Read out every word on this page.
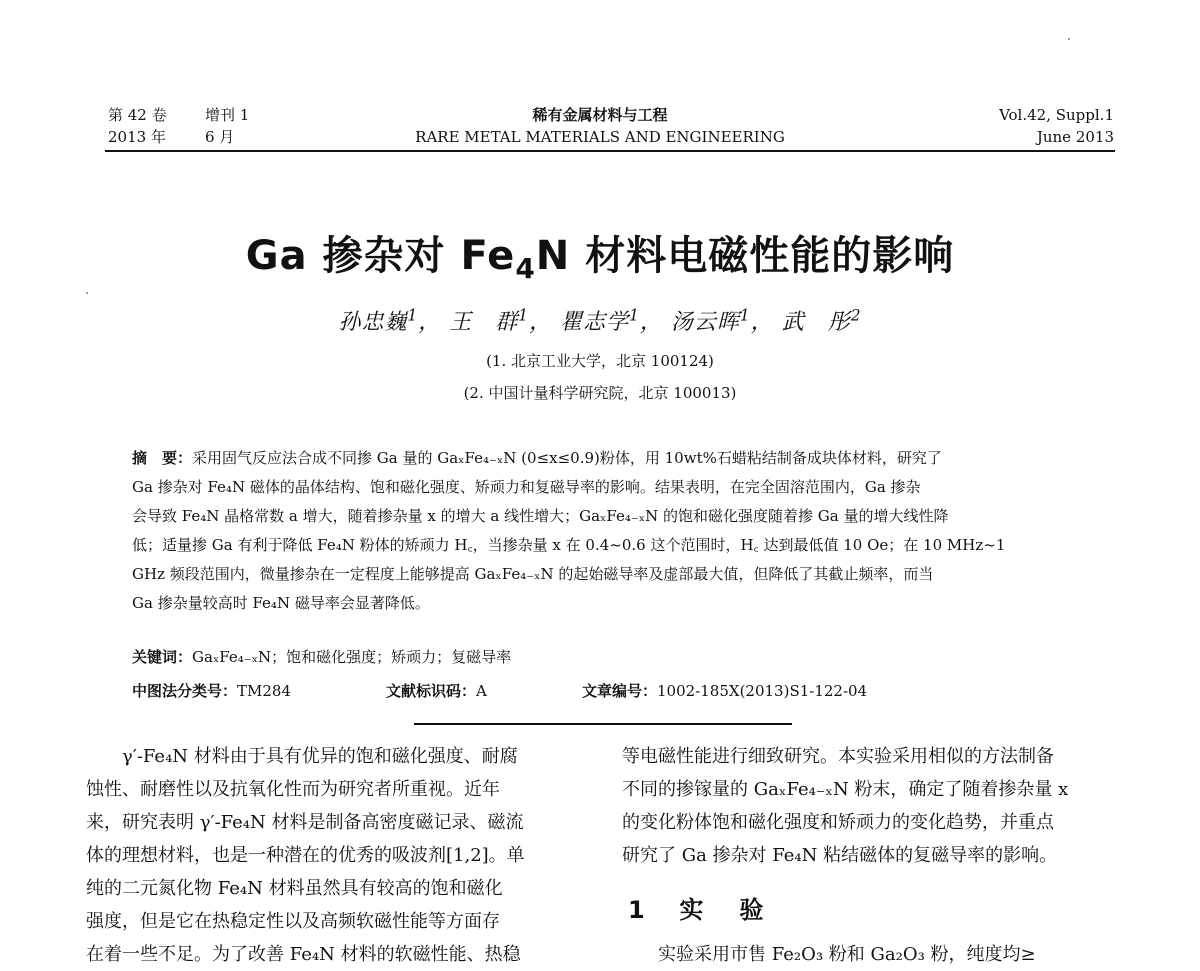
第 42 卷	增刊 1
2013 年	6 月
稀有金属材料与工程
RARE METAL MATERIALS AND ENGINEERING
Vol.42, Suppl.1
June 2013
Ga 掺杂对 $Fe_4N$ 材料电磁性能的影响
孙忠巍$^1$， 王　群$^1$， 瞿志学$^1$， 汤云晖$^1$， 武　彤$^2$
(1. 北京工业大学，北京 100124)
(2. 中国计量科学研究院，北京 100013)
摘　要：采用固气反应法合成不同掺 Ga 量的 GaₓFe₄₋ₓN (0≤x≤0.9)粉体，用 10wt%石蜡粘结制备成块体材料，研究了
Ga 掺杂对 Fe₄N 磁体的晶体结构、饱和磁化强度、矫顽力和复磁导率的影响。结果表明，在完全固溶范围内，Ga 掺杂
会导致 Fe₄N 晶格常数 a 增大，随着掺杂量 x 的增大 a 线性增大；GaₓFe₄₋ₓN 的饱和磁化强度随着掺 Ga 量的增大线性降
低；适量掺 Ga 有利于降低 Fe₄N 粉体的矫顽力 H꜀，当掺杂量 x 在 0.4~0.6 这个范围时，H꜀ 达到最低值 10 Oe；在 10 MHz~1
GHz 频段范围内，微量掺杂在一定程度上能够提高 GaₓFe₄₋ₓN 的起始磁导率及虚部最大值，但降低了其截止频率，而当
Ga 掺杂量较高时 Fe₄N 磁导率会显著降低。
关键词：GaₓFe₄₋ₓN；饱和磁化强度；矫顽力；复磁导率
中图法分类号：TM284	文献标识码：A	文章编号：1002-185X(2013)S1-122-04

γ′-Fe₄N 材料由于具有优异的饱和磁化强度、耐腐

蚀性、耐磨性以及抗氧化性而为研究者所重视。近年

来，研究表明 γ′-Fe₄N 材料是制备高密度磁记录、磁流

体的理想材料，也是一种潜在的优秀的吸波剂[1,2]。单

纯的二元氮化物 Fe₄N 材料虽然具有较高的饱和磁化

强度，但是它在热稳定性以及高频软磁性能等方面存

在着一些不足。为了改善 Fe₄N 材料的软磁性能、热稳

等电磁性能进行细致研究。本实验采用相似的方法制备

不同的掺镓量的 GaₓFe₄₋ₓN 粉末，确定了随着掺杂量 x

的变化粉体饱和磁化强度和矫顽力的变化趋势，并重点

研究了 Ga 掺杂对 Fe₄N 粘结磁体的复磁导率的影响。

1 实　验

实验采用市售 Fe₂O₃ 粉和 Ga₂O₃ 粉，纯度均≥
